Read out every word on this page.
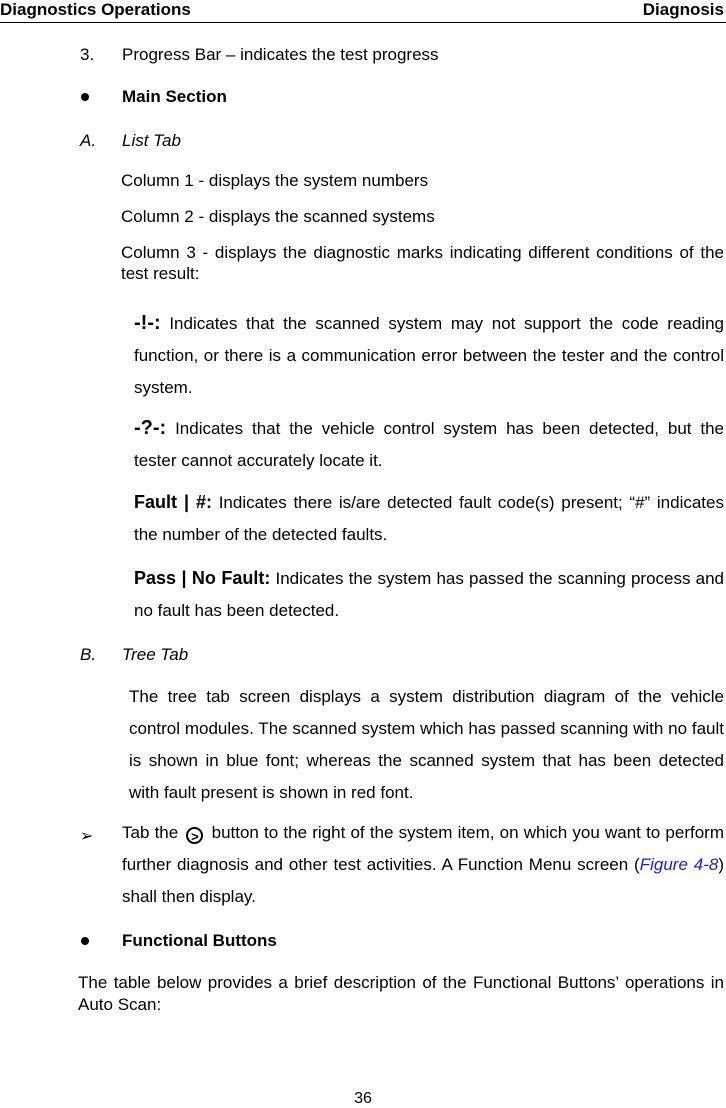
Diagnostics Operations	Diagnosis
3. Progress Bar – indicates the test progress
Main Section
A. List Tab
Column 1 - displays the system numbers
Column 2 - displays the scanned systems
Column 3 - displays the diagnostic marks indicating different conditions of the test result:
-!-: Indicates that the scanned system may not support the code reading function, or there is a communication error between the tester and the control system.
-?-: Indicates that the vehicle control system has been detected, but the tester cannot accurately locate it.
Fault | #: Indicates there is/are detected fault code(s) present; “#” indicates the number of the detected faults.
Pass | No Fault: Indicates the system has passed the scanning process and no fault has been detected.
B. Tree Tab
The tree tab screen displays a system distribution diagram of the vehicle control modules. The scanned system which has passed scanning with no fault is shown in blue font; whereas the scanned system that has been detected with fault present is shown in red font.
➢ Tab the > button to the right of the system item, on which you want to perform further diagnosis and other test activities. A Function Menu screen (Figure 4-8) shall then display.
Functional Buttons
The table below provides a brief description of the Functional Buttons’ operations in Auto Scan:
36
